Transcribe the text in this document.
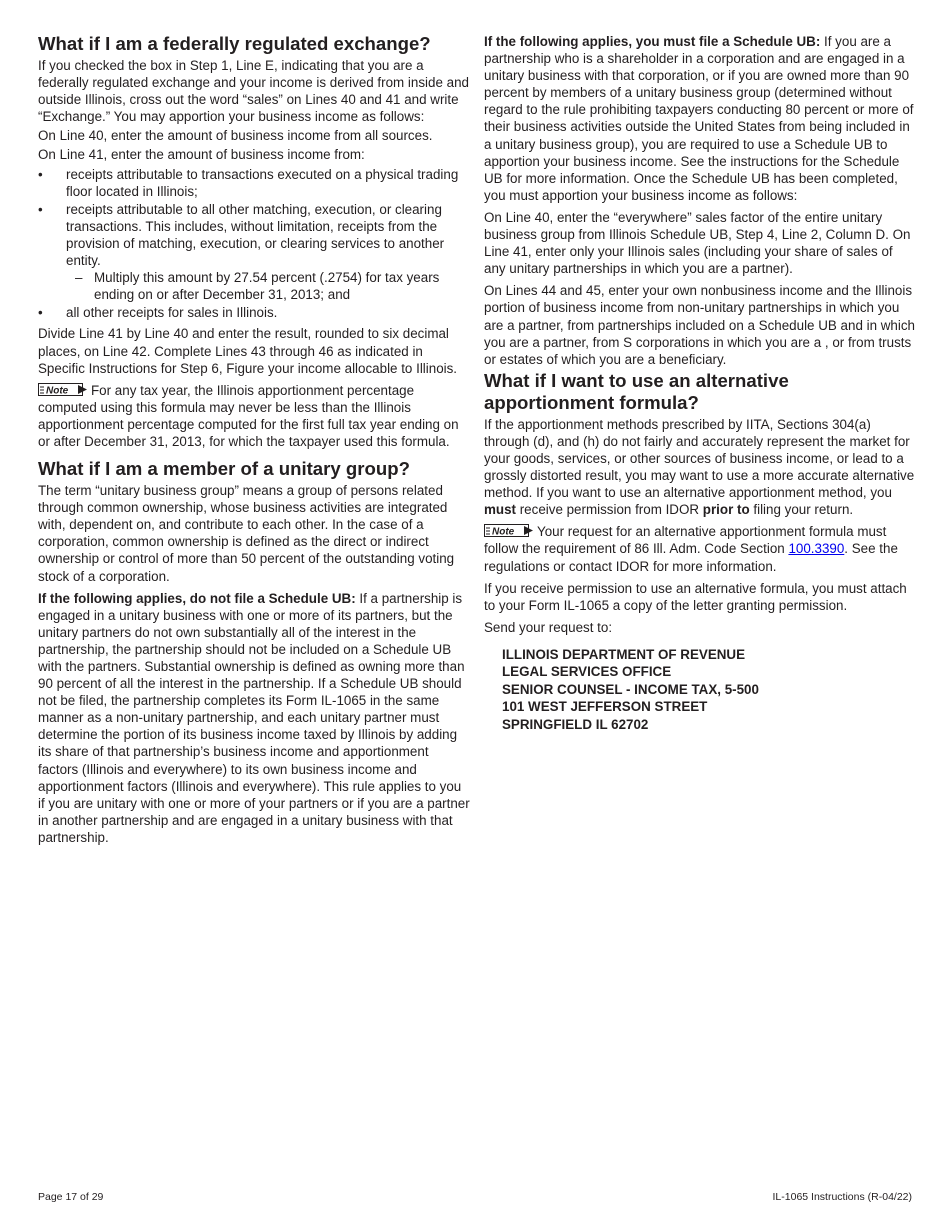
What if I am a federally regulated exchange?

If you checked the box in Step 1, Line E, indicating that you are a federally regulated exchange and your income is derived from inside and outside Illinois, cross out the word “sales” on Lines 40 and 41 and write “Exchange.” You may apportion your business income as follows:

On Line 40, enter the amount of business income from all sources.

On Line 41, enter the amount of business income from:

• receipts attributable to transactions executed on a physical trading floor located in Illinois;
• receipts attributable to all other matching, execution, or clearing transactions. This includes, without limitation, receipts from the provision of matching, execution, or clearing services to another entity.
– Multiply this amount by 27.54 percent (.2754) for tax years ending on or after December 31, 2013; and
• all other receipts for sales in Illinois.

Divide Line 41 by Line 40 and enter the result, rounded to six decimal places, on Line 42. Complete Lines 43 through 46 as indicated in Specific Instructions for Step 6, Figure your income allocable to Illinois.

Note For any tax year, the Illinois apportionment percentage computed using this formula may never be less than the Illinois apportionment percentage computed for the first full tax year ending on or after December 31, 2013, for which the taxpayer used this formula.

What if I am a member of a unitary group?

The term “unitary business group” means a group of persons related through common ownership, whose business activities are integrated with, dependent on, and contribute to each other. In the case of a corporation, common ownership is defined as the direct or indirect ownership or control of more than 50 percent of the outstanding voting stock of a corporation.

If the following applies, do not file a Schedule UB: If a partnership is engaged in a unitary business with one or more of its partners, but the unitary partners do not own substantially all of the interest in the partnership, the partnership should not be included on a Schedule UB with the partners. Substantial ownership is defined as owning more than 90 percent of all the interest in the partnership. If a Schedule UB should not be filed, the partnership completes its Form IL-1065 in the same manner as a non-unitary partnership, and each unitary partner must determine the portion of its business income taxed by Illinois by adding its share of that partnership’s business income and apportionment factors (Illinois and everywhere) to its own business income and apportionment factors (Illinois and everywhere). This rule applies to you if you are unitary with one or more of your partners or if you are a partner in another partnership and are engaged in a unitary business with that partnership.

If the following applies, you must file a Schedule UB: If you are a partnership who is a shareholder in a corporation and are engaged in a unitary business with that corporation, or if you are owned more than 90 percent by members of a unitary business group (determined without regard to the rule prohibiting taxpayers conducting 80 percent or more of their business activities outside the United States from being included in a unitary business group), you are required to use a Schedule UB to apportion your business income. See the instructions for the Schedule UB for more information. Once the Schedule UB has been completed, you must apportion your business income as follows:

On Line 40, enter the “everywhere” sales factor of the entire unitary business group from Illinois Schedule UB, Step 4, Line 2, Column D. On Line 41, enter only your Illinois sales (including your share of sales of any unitary partnerships in which you are a partner).

On Lines 44 and 45, enter your own nonbusiness income and the Illinois portion of business income from non-unitary partnerships in which you are a partner, from partnerships included on a Schedule UB and in which you are a partner, from S corporations in which you are a , or from trusts or estates of which you are a beneficiary.

What if I want to use an alternative apportionment formula?

If the apportionment methods prescribed by IITA, Sections 304(a) through (d), and (h) do not fairly and accurately represent the market for your goods, services, or other sources of business income, or lead to a grossly distorted result, you may want to use a more accurate alternative method. If you want to use an alternative apportionment method, you must receive permission from IDOR prior to filing your return.

Note Your request for an alternative apportionment formula must follow the requirement of 86 Ill. Adm. Code Section 100.3390. See the regulations or contact IDOR for more information.

If you receive permission to use an alternative formula, you must attach to your Form IL-1065 a copy of the letter granting permission.

Send your request to:

ILLINOIS DEPARTMENT OF REVENUE
LEGAL SERVICES OFFICE
SENIOR COUNSEL - INCOME TAX, 5-500
101 WEST JEFFERSON STREET
SPRINGFIELD IL 62702
Page 17 of 29	IL-1065 Instructions (R-04/22)
